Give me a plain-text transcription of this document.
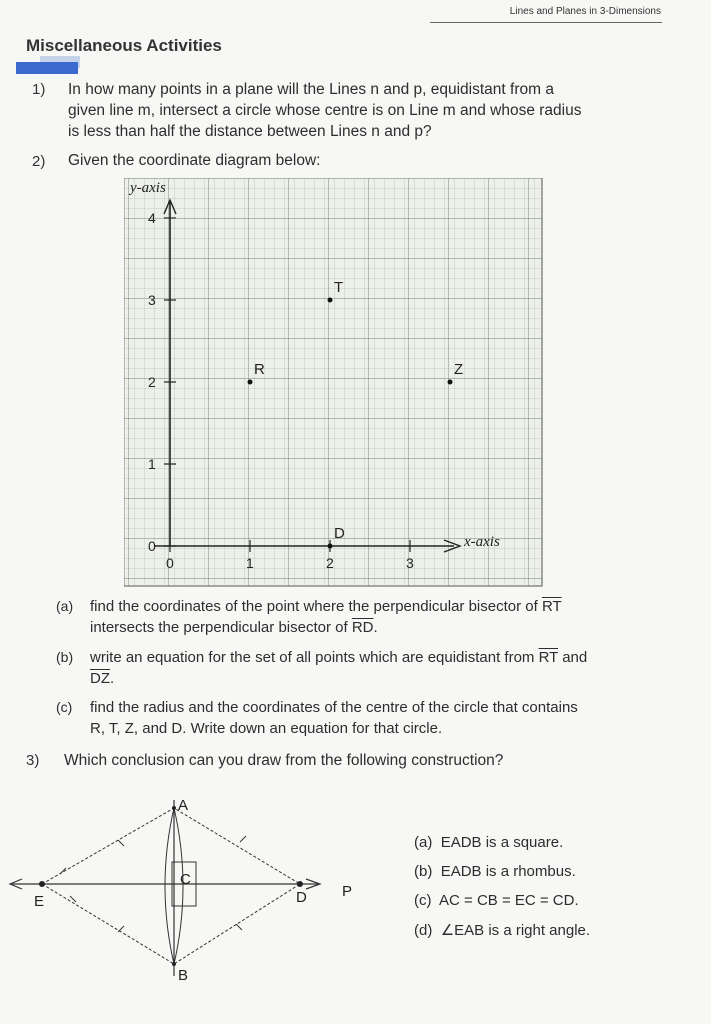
Lines and Planes in 3-Dimensions
Miscellaneous Activities
1) In how many points in a plane will the Lines n and p, equidistant from a
given line m, intersect a circle whose centre is on Line m and whose radius
is less than half the distance between Lines n and p?
2) Given the coordinate diagram below:
y-axis
x-axis
4
3
2
1
0
0	1	2	3
T
R	Z
D
(a) find the coordinates of the point where the perpendicular bisector of $\overline{RT}$
intersects the perpendicular bisector of $\overline{RD}$.
(b) write an equation for the set of all points which are equidistant from $\overline{RT}$ and
$\overline{DZ}$.
(c) find the radius and the coordinates of the centre of the circle that contains
R, T, Z, and D. Write down an equation for that circle.
3) Which conclusion can you draw from the following construction?
A
B
C
D
E
P
(a) EADB is a square.
(b) EADB is a rhombus.
(c) AC = CB = EC = CD.
(d) ∠EAB is a right angle.
